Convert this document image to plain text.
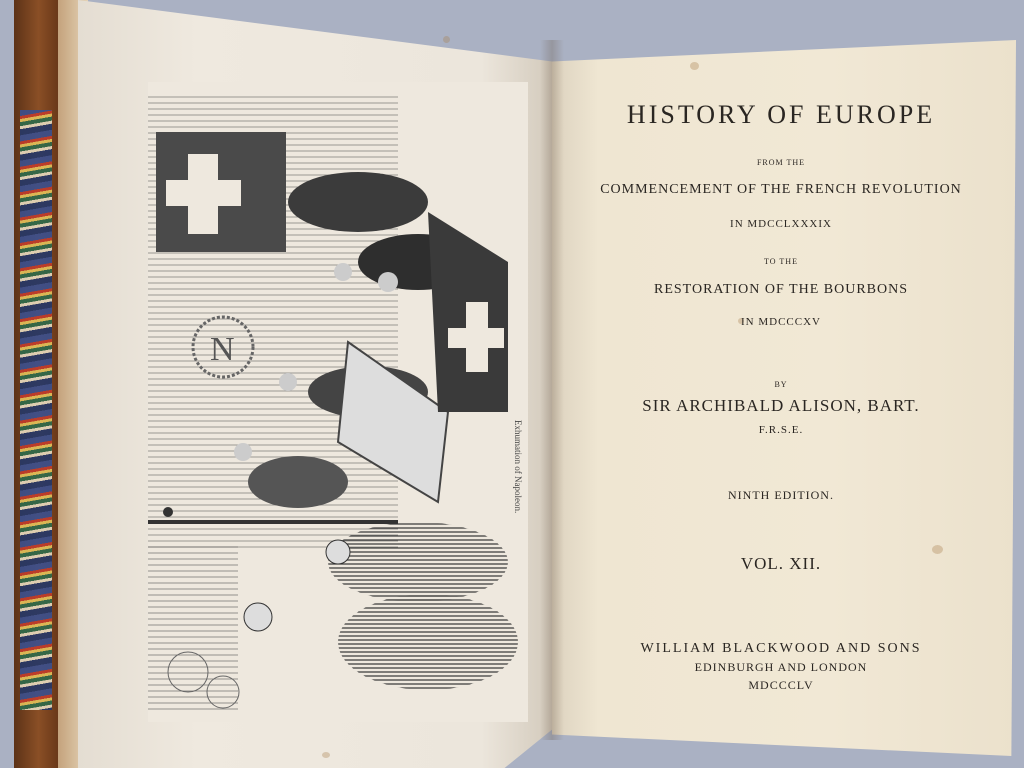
N
Exhumation of Napoleon.
HISTORY OF EUROPE
FROM THE
COMMENCEMENT OF THE FRENCH REVOLUTION
IN MDCCLXXXIX
TO THE
RESTORATION OF THE BOURBONS
IN MDCCCXV
BY
SIR ARCHIBALD ALISON, BART.
F.R.S.E.
NINTH EDITION.
VOL. XII.
WILLIAM BLACKWOOD AND SONS
EDINBURGH AND LONDON
MDCCCLV
